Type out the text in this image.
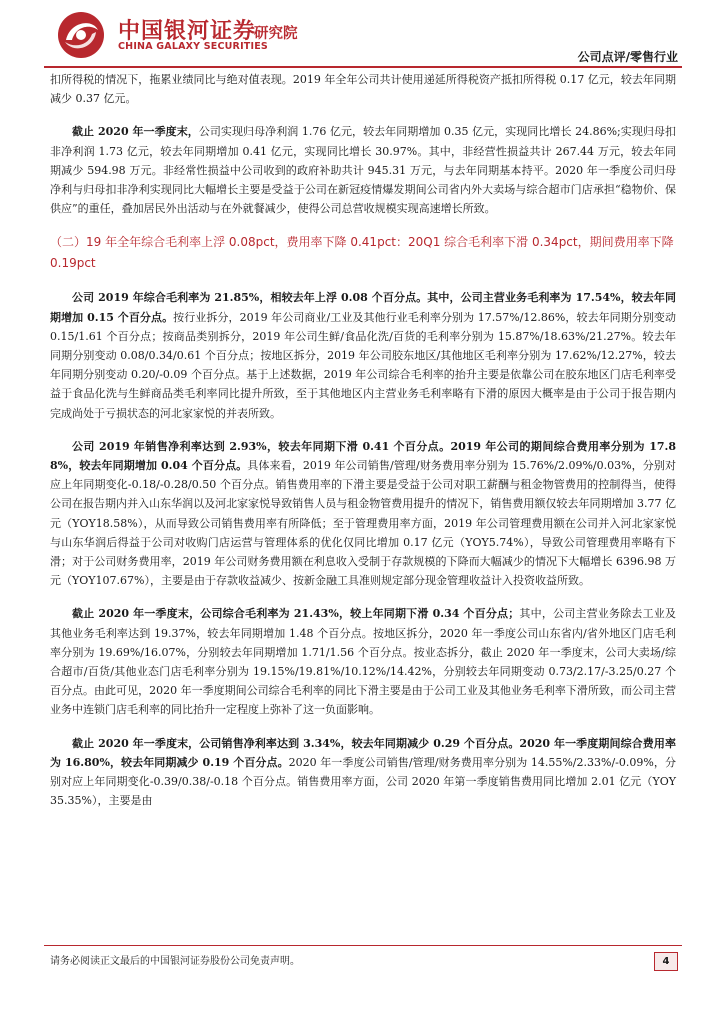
中国银河证券
CHINA GALAXY SECURITIES
研究院
公司点评/零售行业

扣所得税的情况下，拖累业绩同比与绝对值表现。2019 年全年公司共计使用递延所得税资产抵扣所得税 0.17 亿元，较去年同期减少 0.37 亿元。

截止 2020 年一季度末，公司实现归母净利润 1.76 亿元，较去年同期增加 0.35 亿元，实现同比增长 24.86%;实现归母扣非净利润 1.73 亿元，较去年同期增加 0.41 亿元，实现同比增长 30.97%。其中，非经营性损益共计 267.44 万元，较去年同期减少 594.98 万元。非经常性损益中公司收到的政府补助共计 945.31 万元，与去年同期基本持平。2020 年一季度公司归母净利与归母扣非净利实现同比大幅增长主要是受益于公司在新冠疫情爆发期间公司省内外大卖场与综合超市门店承担“稳物价、保供应”的重任，叠加居民外出活动与在外就餐减少，使得公司总营收规模实现高速增长所致。

（二）19 年全年综合毛利率上浮 0.08pct，费用率下降 0.41pct：20Q1 综合毛利率下滑 0.34pct，期间费用率下降 0.19pct

公司 2019 年综合毛利率为 21.85%，相较去年上浮 0.08 个百分点。其中，公司主营业务毛利率为 17.54%，较去年同期增加 0.15 个百分点。按行业拆分，2019 年公司商业/工业及其他行业毛利率分别为 17.57%/12.86%，较去年同期分别变动 0.15/1.61 个百分点；按商品类别拆分，2019 年公司生鲜/食品化洗/百货的毛利率分别为 15.87%/18.63%/21.27%。较去年同期分别变动 0.08/0.34/0.61 个百分点；按地区拆分，2019 年公司胶东地区/其他地区毛利率分别为 17.62%/12.27%，较去年同期分别变动 0.20/-0.09 个百分点。基于上述数据，2019 年公司综合毛利率的抬升主要是依靠公司在胶东地区门店毛利率受益于食品化洗与生鲜商品类毛利率同比提升所致，至于其他地区内主营业务毛利率略有下滑的原因大概率是由于公司于报告期内完成尚处于亏损状态的河北家家悦的并表所致。

公司 2019 年销售净利率达到 2.93%，较去年同期下滑 0.41 个百分点。2019 年公司的期间综合费用率分别为 17.88%，较去年同期增加 0.04 个百分点。具体来看，2019 年公司销售/管理/财务费用率分别为 15.76%/2.09%/0.03%，分别对应上年同期变化-0.18/-0.28/0.50 个百分点。销售费用率的下滑主要是受益于公司对职工薪酬与租金物管费用的控制得当，使得公司在报告期内并入山东华润以及河北家家悦导致销售人员与租金物管费用提升的情况下，销售费用额仅较去年同期增加 3.77 亿元（YOY18.58%），从而导致公司销售费用率有所降低；至于管理费用率方面，2019 年公司管理费用额在公司并入河北家家悦与山东华润后得益于公司对收购门店运营与管理体系的优化仅同比增加 0.17 亿元（YOY5.74%），导致公司管理费用率略有下滑；对于公司财务费用率，2019 年公司财务费用额在利息收入受制于存款规模的下降而大幅减少的情况下大幅增长 6396.98 万元（YOY107.67%），主要是由于存款收益减少、按新金融工具准则规定部分现金管理收益计入投资收益所致。

截止 2020 年一季度末，公司综合毛利率为 21.43%，较上年同期下滑 0.34 个百分点；其中，公司主营业务除去工业及其他业务毛利率达到 19.37%，较去年同期增加 1.48 个百分点。按地区拆分，2020 年一季度公司山东省内/省外地区门店毛利率分别为 19.69%/16.07%，分别较去年同期增加 1.71/1.56 个百分点。按业态拆分，截止 2020 年一季度末，公司大卖场/综合超市/百货/其他业态门店毛利率分别为 19.15%/19.81%/10.12%/14.42%，分别较去年同期变动 0.73/2.17/-3.25/0.27 个百分点。由此可见，2020 年一季度期间公司综合毛利率的同比下滑主要是由于公司工业及其他业务毛利率下滑所致，而公司主营业务中连锁门店毛利率的同比抬升一定程度上弥补了这一负面影响。

截止 2020 年一季度末，公司销售净利率达到 3.34%，较去年同期减少 0.29 个百分点。2020 年一季度期间综合费用率为 16.80%，较去年同期减少 0.19 个百分点。2020 年一季度公司销售/管理/财务费用率分别为 14.55%/2.33%/-0.09%，分别对应上年同期变化-0.39/0.38/-0.18 个百分点。销售费用率方面，公司 2020 年第一季度销售费用同比增加 2.01 亿元（YOY35.35%），主要是由

请务必阅读正文最后的中国银河证券股份公司免责声明。	4
